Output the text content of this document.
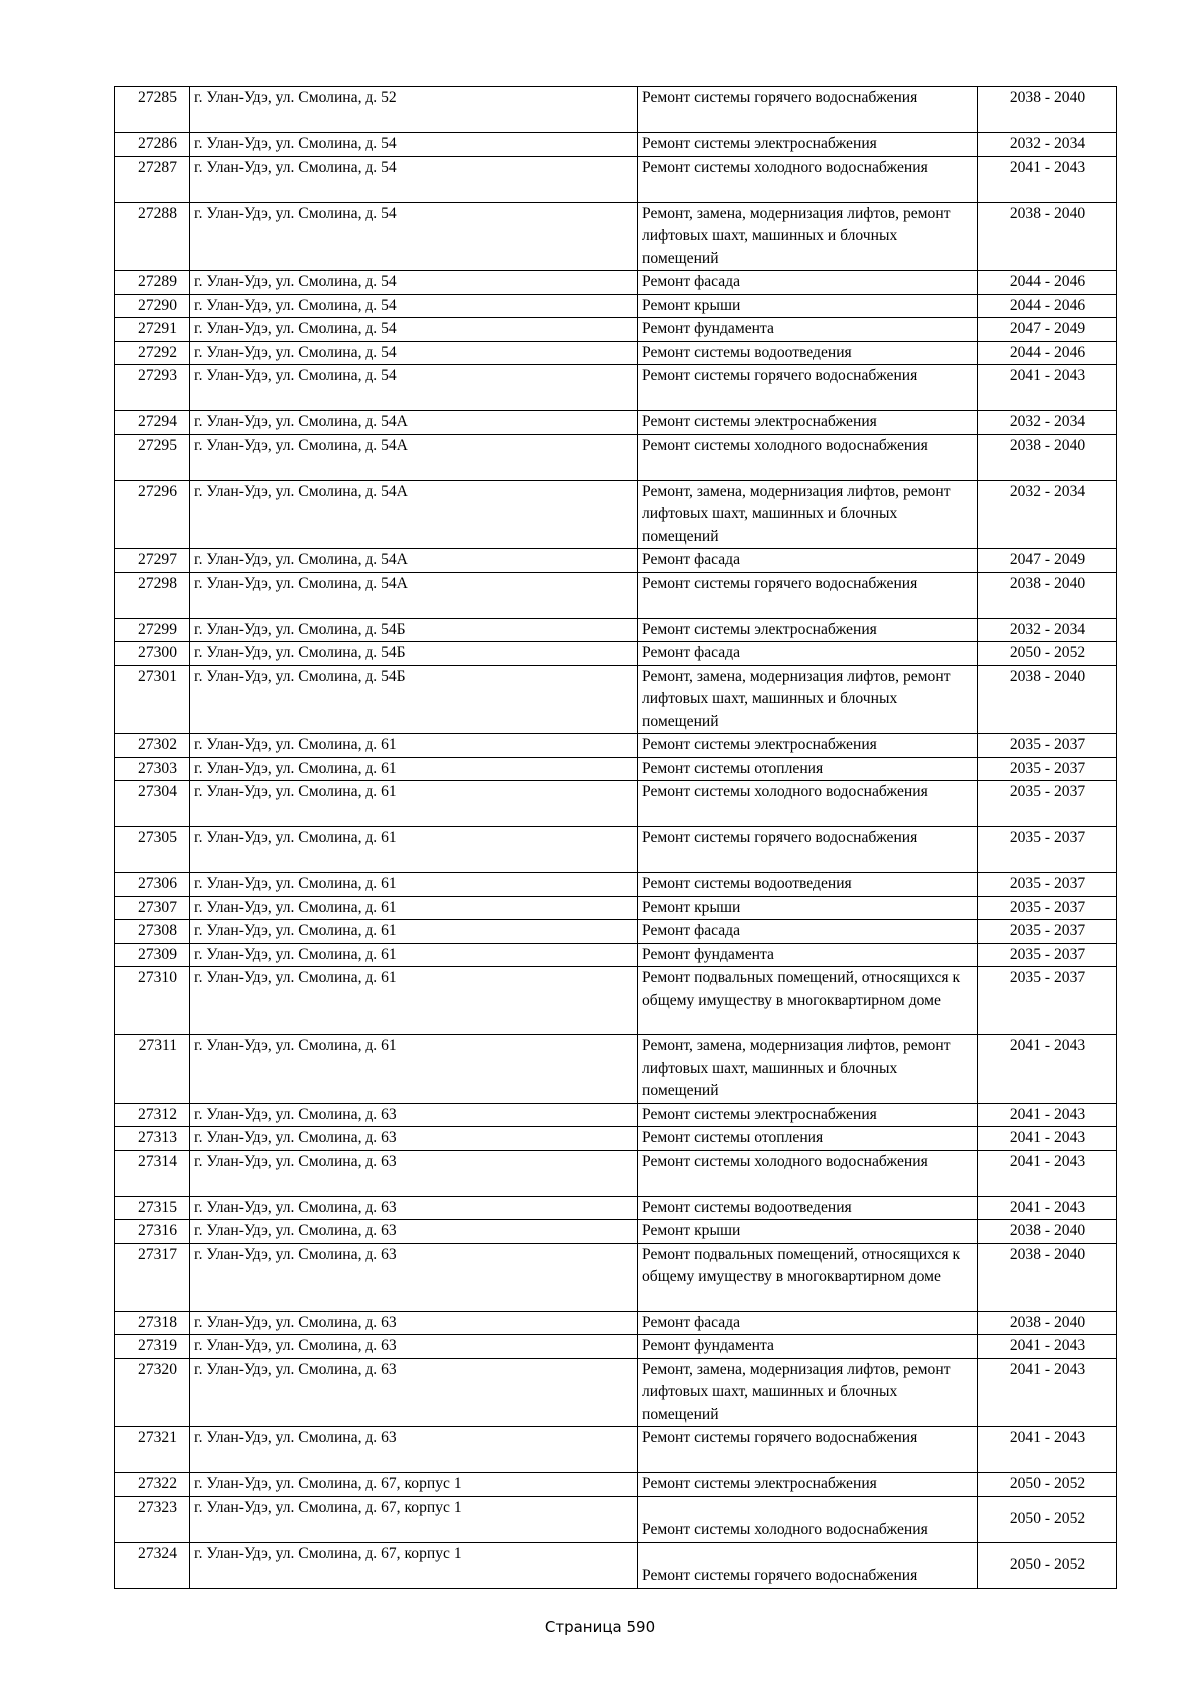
27285	г. Улан-Удэ, ул. Смолина, д. 52	Ремонт системы горячего водоснабжения	2038 - 2040
27286	г. Улан-Удэ, ул. Смолина, д. 54	Ремонт системы электроснабжения	2032 - 2034
27287	г. Улан-Удэ, ул. Смолина, д. 54	Ремонт системы холодного водоснабжения	2041 - 2043
27288	г. Улан-Удэ, ул. Смолина, д. 54	Ремонт, замена, модернизация лифтов, ремонт лифтовых шахт, машинных и блочных помещений	2038 - 2040
27289	г. Улан-Удэ, ул. Смолина, д. 54	Ремонт фасада	2044 - 2046
27290	г. Улан-Удэ, ул. Смолина, д. 54	Ремонт крыши	2044 - 2046
27291	г. Улан-Удэ, ул. Смолина, д. 54	Ремонт фундамента	2047 - 2049
27292	г. Улан-Удэ, ул. Смолина, д. 54	Ремонт системы водоотведения	2044 - 2046
27293	г. Улан-Удэ, ул. Смолина, д. 54	Ремонт системы горячего водоснабжения	2041 - 2043
27294	г. Улан-Удэ, ул. Смолина, д. 54А	Ремонт системы электроснабжения	2032 - 2034
27295	г. Улан-Удэ, ул. Смолина, д. 54А	Ремонт системы холодного водоснабжения	2038 - 2040
27296	г. Улан-Удэ, ул. Смолина, д. 54А	Ремонт, замена, модернизация лифтов, ремонт лифтовых шахт, машинных и блочных помещений	2032 - 2034
27297	г. Улан-Удэ, ул. Смолина, д. 54А	Ремонт фасада	2047 - 2049
27298	г. Улан-Удэ, ул. Смолина, д. 54А	Ремонт системы горячего водоснабжения	2038 - 2040
27299	г. Улан-Удэ, ул. Смолина, д. 54Б	Ремонт системы электроснабжения	2032 - 2034
27300	г. Улан-Удэ, ул. Смолина, д. 54Б	Ремонт фасада	2050 - 2052
27301	г. Улан-Удэ, ул. Смолина, д. 54Б	Ремонт, замена, модернизация лифтов, ремонт лифтовых шахт, машинных и блочных помещений	2038 - 2040
27302	г. Улан-Удэ, ул. Смолина, д. 61	Ремонт системы электроснабжения	2035 - 2037
27303	г. Улан-Удэ, ул. Смолина, д. 61	Ремонт системы отопления	2035 - 2037
27304	г. Улан-Удэ, ул. Смолина, д. 61	Ремонт системы холодного водоснабжения	2035 - 2037
27305	г. Улан-Удэ, ул. Смолина, д. 61	Ремонт системы горячего водоснабжения	2035 - 2037
27306	г. Улан-Удэ, ул. Смолина, д. 61	Ремонт системы водоотведения	2035 - 2037
27307	г. Улан-Удэ, ул. Смолина, д. 61	Ремонт крыши	2035 - 2037
27308	г. Улан-Удэ, ул. Смолина, д. 61	Ремонт фасада	2035 - 2037
27309	г. Улан-Удэ, ул. Смолина, д. 61	Ремонт фундамента	2035 - 2037
27310	г. Улан-Удэ, ул. Смолина, д. 61	Ремонт подвальных помещений, относящихся к общему имуществу в многоквартирном доме	2035 - 2037
27311	г. Улан-Удэ, ул. Смолина, д. 61	Ремонт, замена, модернизация лифтов, ремонт лифтовых шахт, машинных и блочных помещений	2041 - 2043
27312	г. Улан-Удэ, ул. Смолина, д. 63	Ремонт системы электроснабжения	2041 - 2043
27313	г. Улан-Удэ, ул. Смолина, д. 63	Ремонт системы отопления	2041 - 2043
27314	г. Улан-Удэ, ул. Смолина, д. 63	Ремонт системы холодного водоснабжения	2041 - 2043
27315	г. Улан-Удэ, ул. Смолина, д. 63	Ремонт системы водоотведения	2041 - 2043
27316	г. Улан-Удэ, ул. Смолина, д. 63	Ремонт крыши	2038 - 2040
27317	г. Улан-Удэ, ул. Смолина, д. 63	Ремонт подвальных помещений, относящихся к общему имуществу в многоквартирном доме	2038 - 2040
27318	г. Улан-Удэ, ул. Смолина, д. 63	Ремонт фасада	2038 - 2040
27319	г. Улан-Удэ, ул. Смолина, д. 63	Ремонт фундамента	2041 - 2043
27320	г. Улан-Удэ, ул. Смолина, д. 63	Ремонт, замена, модернизация лифтов, ремонт лифтовых шахт, машинных и блочных помещений	2041 - 2043
27321	г. Улан-Удэ, ул. Смолина, д. 63	Ремонт системы горячего водоснабжения	2041 - 2043
27322	г. Улан-Удэ, ул. Смолина, д. 67, корпус 1	Ремонт системы электроснабжения	2050 - 2052
27323	г. Улан-Удэ, ул. Смолина, д. 67, корпус 1	Ремонт системы холодного водоснабжения	2050 - 2052
27324	г. Улан-Удэ, ул. Смолина, д. 67, корпус 1	Ремонт системы горячего водоснабжения	2050 - 2052
Страница 590
